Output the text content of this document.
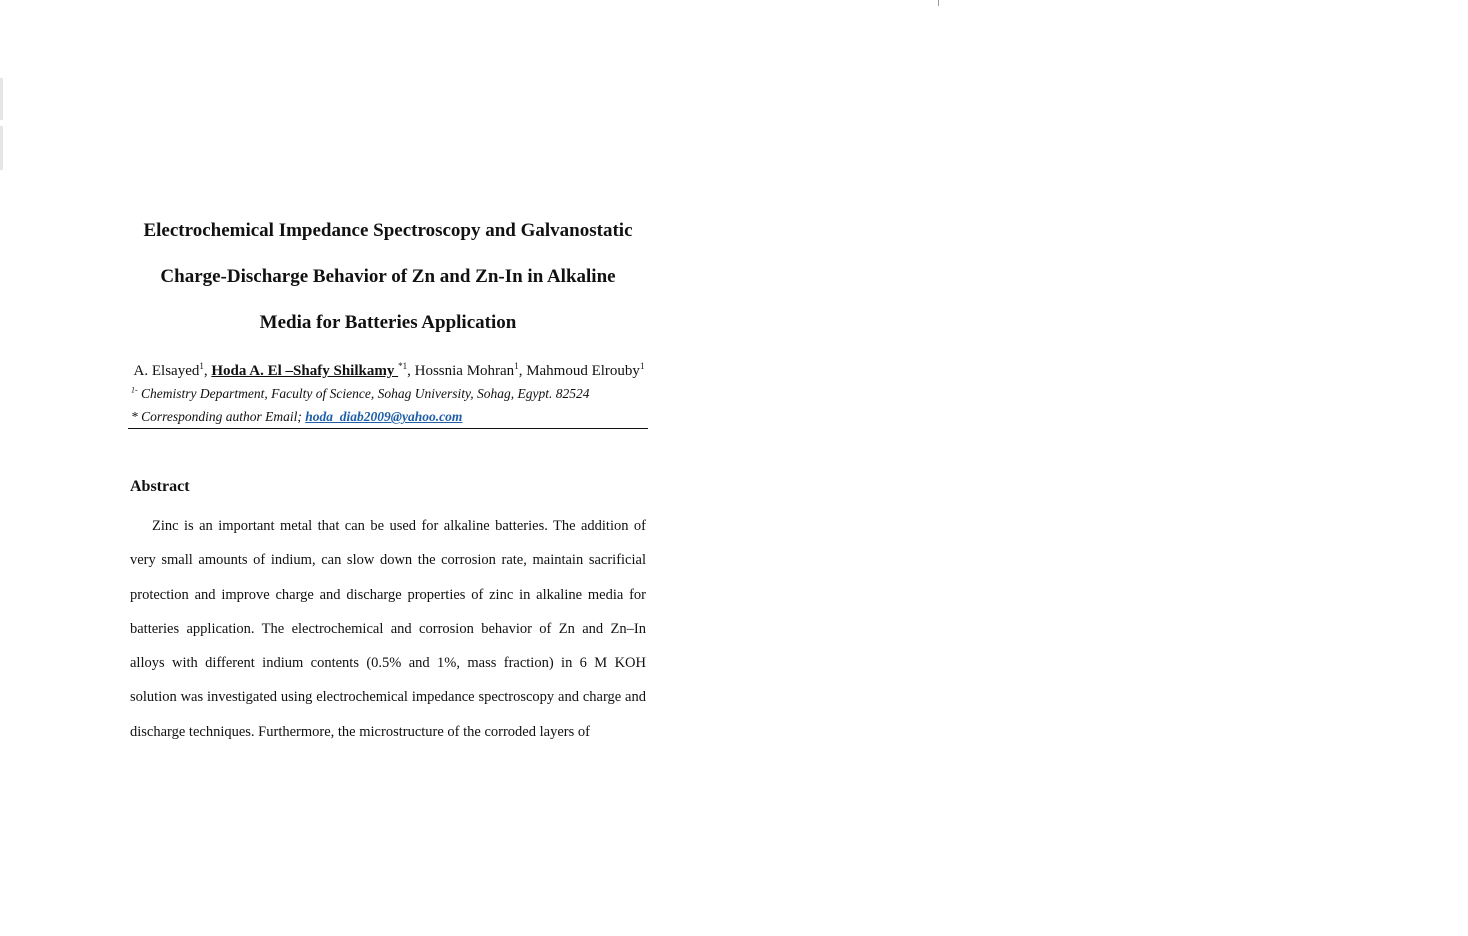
Electrochemical Impedance Spectroscopy and Galvanostatic
Charge-Discharge Behavior of Zn and Zn-In in Alkaline
Media for Batteries Application
A. Elsayed$^1$, Hoda A. El –Shafy Shilkamy $^{*1}$, Hossnia Mohran$^1$, Mahmoud Elrouby$^1$
$^{1-}$ Chemistry Department, Faculty of Science, Sohag University, Sohag, Egypt. 82524
* Corresponding author Email; hoda_diab2009@yahoo.com
Abstract

Zinc is an important metal that can be used for alkaline batteries. The addition of very small amounts of indium, can slow down the corrosion rate, maintain sacrificial protection and improve charge and discharge properties of zinc in alkaline media for batteries application. The electrochemical and corrosion behavior of Zn and Zn–In alloys with different indium contents (0.5% and 1%, mass fraction) in 6 M KOH solution was investigated using electrochemical impedance spectroscopy and charge and discharge techniques. Furthermore, the microstructure of the corroded layers of
